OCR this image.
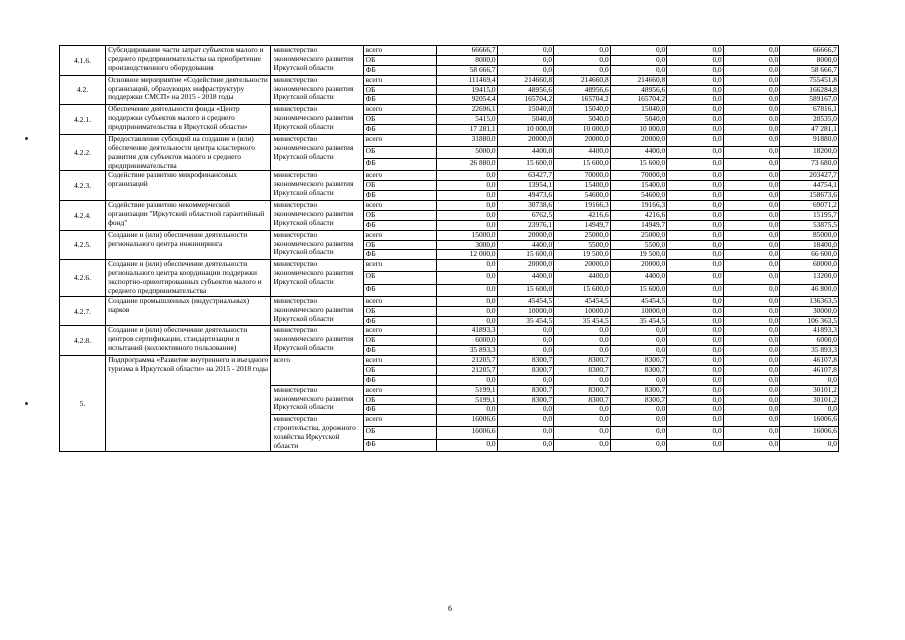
4.1.6.	Субсидирование части затрат субъектов малого и среднего предпринимательства на приобретение производственного оборудования	министерство экономического развития Иркутской области	всего	66666,7	0,0	0,0	0,0	0,0	0,0	66666,7
			ОБ	8000,0	0,0	0,0	0,0	0,0	0,0	8000,0
			ФБ	58 666,7	0,0	0,0	0,0	0,0	0,0	58 666,7
4.2.	Основное мероприятие «Содействие деятельности организаций, образующих инфраструктуру поддержки СМСП» на 2015 - 2018 годы	министерство экономического развития Иркутской области	всего	111469,4	214660,8	214660,8	214660,8	0,0	0,0	755451,8
			ОБ	19415,0	48956,6	48956,6	48956,6	0,0	0,0	166284,8
			ФБ	92054,4	165704,2	165704,2	165704,2	0,0	0,0	589167,0
4.2.1.	Обеспечение деятельности фонда «Центр поддержки субъектов малого и среднего предпринимательства в Иркутской области»	министерство экономического развития Иркутской области	всего	22696,1	15040,0	15040,0	15040,0	0,0	0,0	67816,1
			ОБ	5415,0	5040,0	5040,0	5040,0	0,0	0,0	20535,0
			ФБ	17 281,1	10 000,0	10 000,0	10 000,0	0,0	0,0	47 281,1
4.2.2.	Предоставление субсидий на создание и (или) обеспечение деятельности центра кластерного развития для субъектов малого и среднего предпринимательства	министерство экономического развития Иркутской области	всего	31880,0	20000,0	20000,0	20000,0	0,0	0,0	91880,0
			ОБ	5000,0	4400,0	4400,0	4400,0	0,0	0,0	18200,0
			ФБ	26 880,0	15 600,0	15 600,0	15 600,0	0,0	0,0	73 680,0
4.2.3.	Содействие развитию микрофинансовых организаций	министерство экономического развития Иркутской области	всего	0,0	63427,7	70000,0	70000,0	0,0	0,0	203427,7
			ОБ	0,0	13954,1	15400,0	15400,0	0,0	0,0	44754,1
			ФБ	0,0	49473,6	54600,0	54600,0	0,0	0,0	158673,6
4.2.4.	Содействие развитию некоммерческой организации "Иркутский областной гарантийный фонд"	министерство экономического развития Иркутской области	всего	0,0	30738,6	19166,3	19166,3	0,0	0,0	69071,2
			ОБ	0,0	6762,5	4216,6	4216,6	0,0	0,0	15195,7
			ФБ	0,0	23976,1	14949,7	14949,7	0,0	0,0	53875,5
4.2.5.	Создание и (или) обеспечение деятельности регионального центра инжиниринга	министерство экономического развития Иркутской области	всего	15000,0	20000,0	25000,0	25000,0	0,0	0,0	85000,0
			ОБ	3000,0	4400,0	5500,0	5500,0	0,0	0,0	18400,0
			ФБ	12 000,0	15 600,0	19 500,0	19 500,0	0,0	0,0	66 600,0
4.2.6.	Создание и (или) обеспечение деятельности регионального центра координации поддержки экспортно-ориентированных субъектов малого и среднего предпринимательства	министерство экономического развития Иркутской области	всего	0,0	20000,0	20000,0	20000,0	0,0	0,0	60000,0
			ОБ	0,0	4400,0	4400,0	4400,0	0,0	0,0	13200,0
			ФБ	0,0	15 600,0	15 600,0	15 600,0	0,0	0,0	46 800,0
4.2.7.	Создание промышленных (индустриальных) парков	министерство экономического развития Иркутской области	всего	0,0	45454,5	45454,5	45454,5	0,0	0,0	136363,5
			ОБ	0,0	10000,0	10000,0	10000,0	0,0	0,0	30000,0
			ФБ	0,0	35 454,5	35 454,5	35 454,5	0,0	0,0	106 363,5
4.2.8.	Создание и (или) обеспечение деятельности центров сертификации, стандартизации и испытаний (коллективного пользования)	министерство экономического развития Иркутской области	всего	41893,3	0,0	0,0	0,0	0,0	0,0	41893,3
			ОБ	6000,0	0,0	0,0	0,0	0,0	0,0	6000,0
			ФБ	35 893,3	0,0	0,0	0,0	0,0	0,0	35 893,3
5.	Подпрограмма «Развитие внутреннего и въездного туризма в Иркутской области» на 2015 - 2018 годы	всего	всего	21205,7	8300,7	8300,7	8300,7	0,0	0,0	46107,8
			ОБ	21205,7	8300,7	8300,7	8300,7	0,0	0,0	46107,8
			ФБ	0,0	0,0	0,0	0,0	0,0	0,0	0,0
		министерство экономического развития Иркутской области	всего	5199,1	8300,7	8300,7	8300,7	0,0	0,0	30101,2
			ОБ	5199,1	8300,7	8300,7	8300,7	0,0	0,0	30101,2
			ФБ	0,0	0,0	0,0	0,0	0,0	0,0	0,0
		министерство строительства, дорожного хозяйства Иркутской области	всего	16006,6	0,0	0,0	0,0	0,0	0,0	16006,6
			ОБ	16006,6	0,0	0,0	0,0	0,0	0,0	16006,6
			ФБ	0,0	0,0	0,0	0,0	0,0	0,0	0,0
6
